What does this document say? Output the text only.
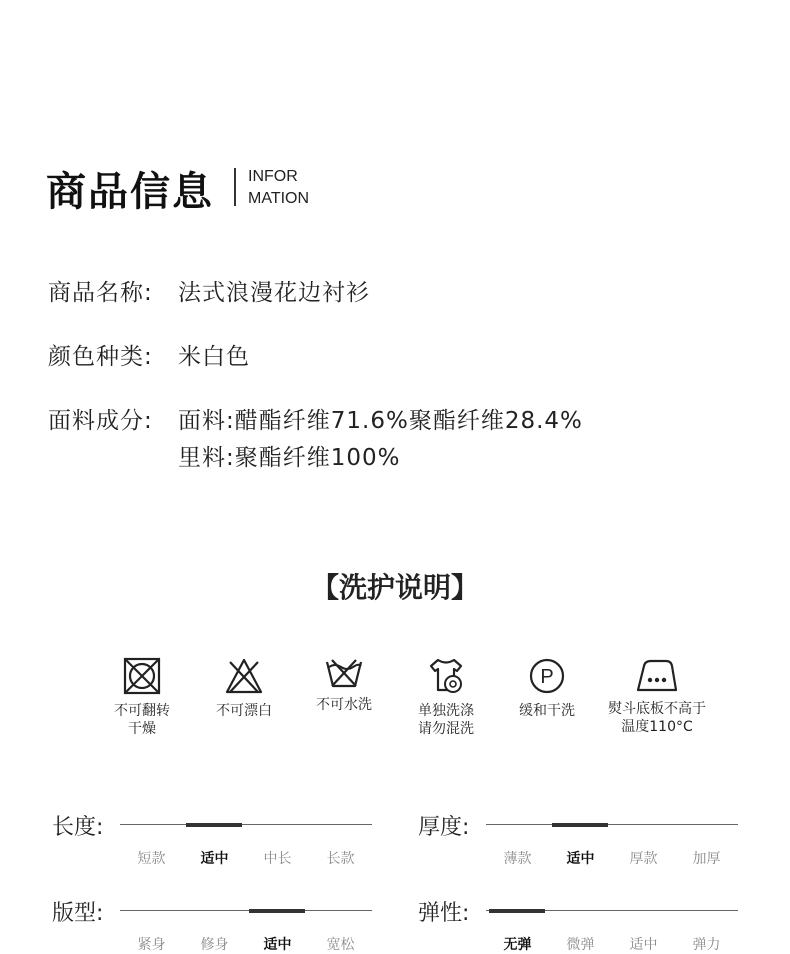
商品信息 INFOR
MATION
商品名称: 法式浪漫花边衬衫
颜色种类: 米白色
面料成分: 面料:醋酯纤维71.6%聚酯纤维28.4%
里料:聚酯纤维100%
【洗护说明】
不可翻转
干燥
不可漂白	不可水洗	单独洗涤
请勿混洗
P
缓和干洗	熨斗底板不高于
温度110°C
长度:
短款	适中	中长	长款
厚度:
薄款	适中	厚款	加厚
版型:
紧身	修身	适中	宽松
弹性:
无弹	微弹	适中	弹力
